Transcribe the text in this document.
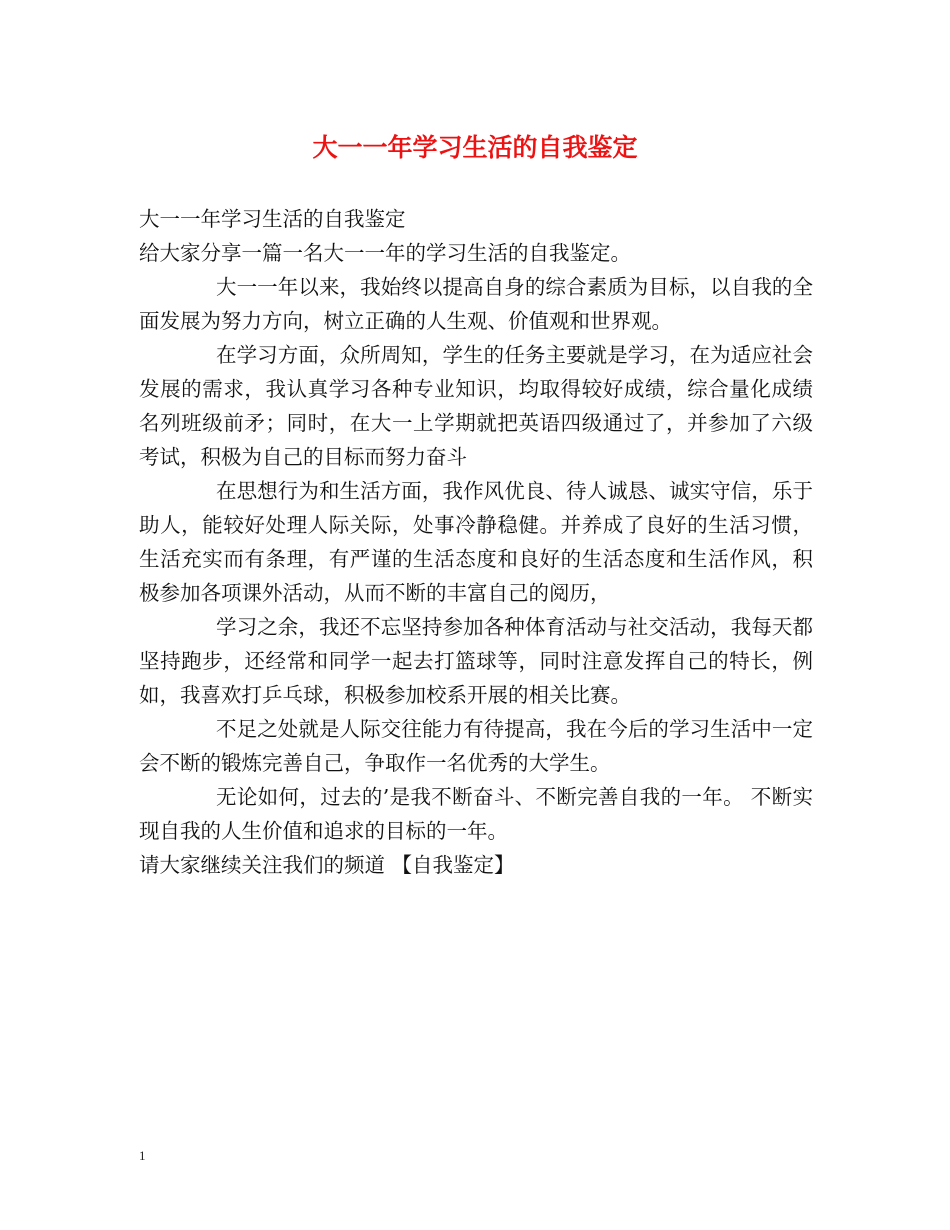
大一一年学习生活的自我鉴定

大一一年学习生活的自我鉴定

给大家分享一篇一名大一一年的学习生活的自我鉴定。

大一一年以来，我始终以提高自身的综合素质为目标，以自我的全面发展为努力方向，树立正确的人生观、价值观和世界观。

在学习方面，众所周知，学生的任务主要就是学习，在为适应社会发展的需求，我认真学习各种专业知识，均取得较好成绩，综合量化成绩名列班级前矛；同时，在大一上学期就把英语四级通过了，并参加了六级考试，积极为自己的目标而努力奋斗

在思想行为和生活方面，我作风优良、待人诚恳、诚实守信，乐于助人，能较好处理人际关际，处事冷静稳健。并养成了良好的生活习惯，生活充实而有条理，有严谨的生活态度和良好的生活态度和生活作风，积极参加各项课外活动，从而不断的丰富自己的阅历，

学习之余，我还不忘坚持参加各种体育活动与社交活动，我每天都坚持跑步，还经常和同学一起去打篮球等，同时注意发挥自己的特长，例如，我喜欢打乒乓球，积极参加校系开展的相关比赛。

不足之处就是人际交往能力有待提高，我在今后的学习生活中一定会不断的锻炼完善自己，争取作一名优秀的大学生。

无论如何，过去的’是我不断奋斗、不断完善自我的一年。 不断实现自我的人生价值和追求的目标的一年。

请大家继续关注我们的频道 【自我鉴定】

1
